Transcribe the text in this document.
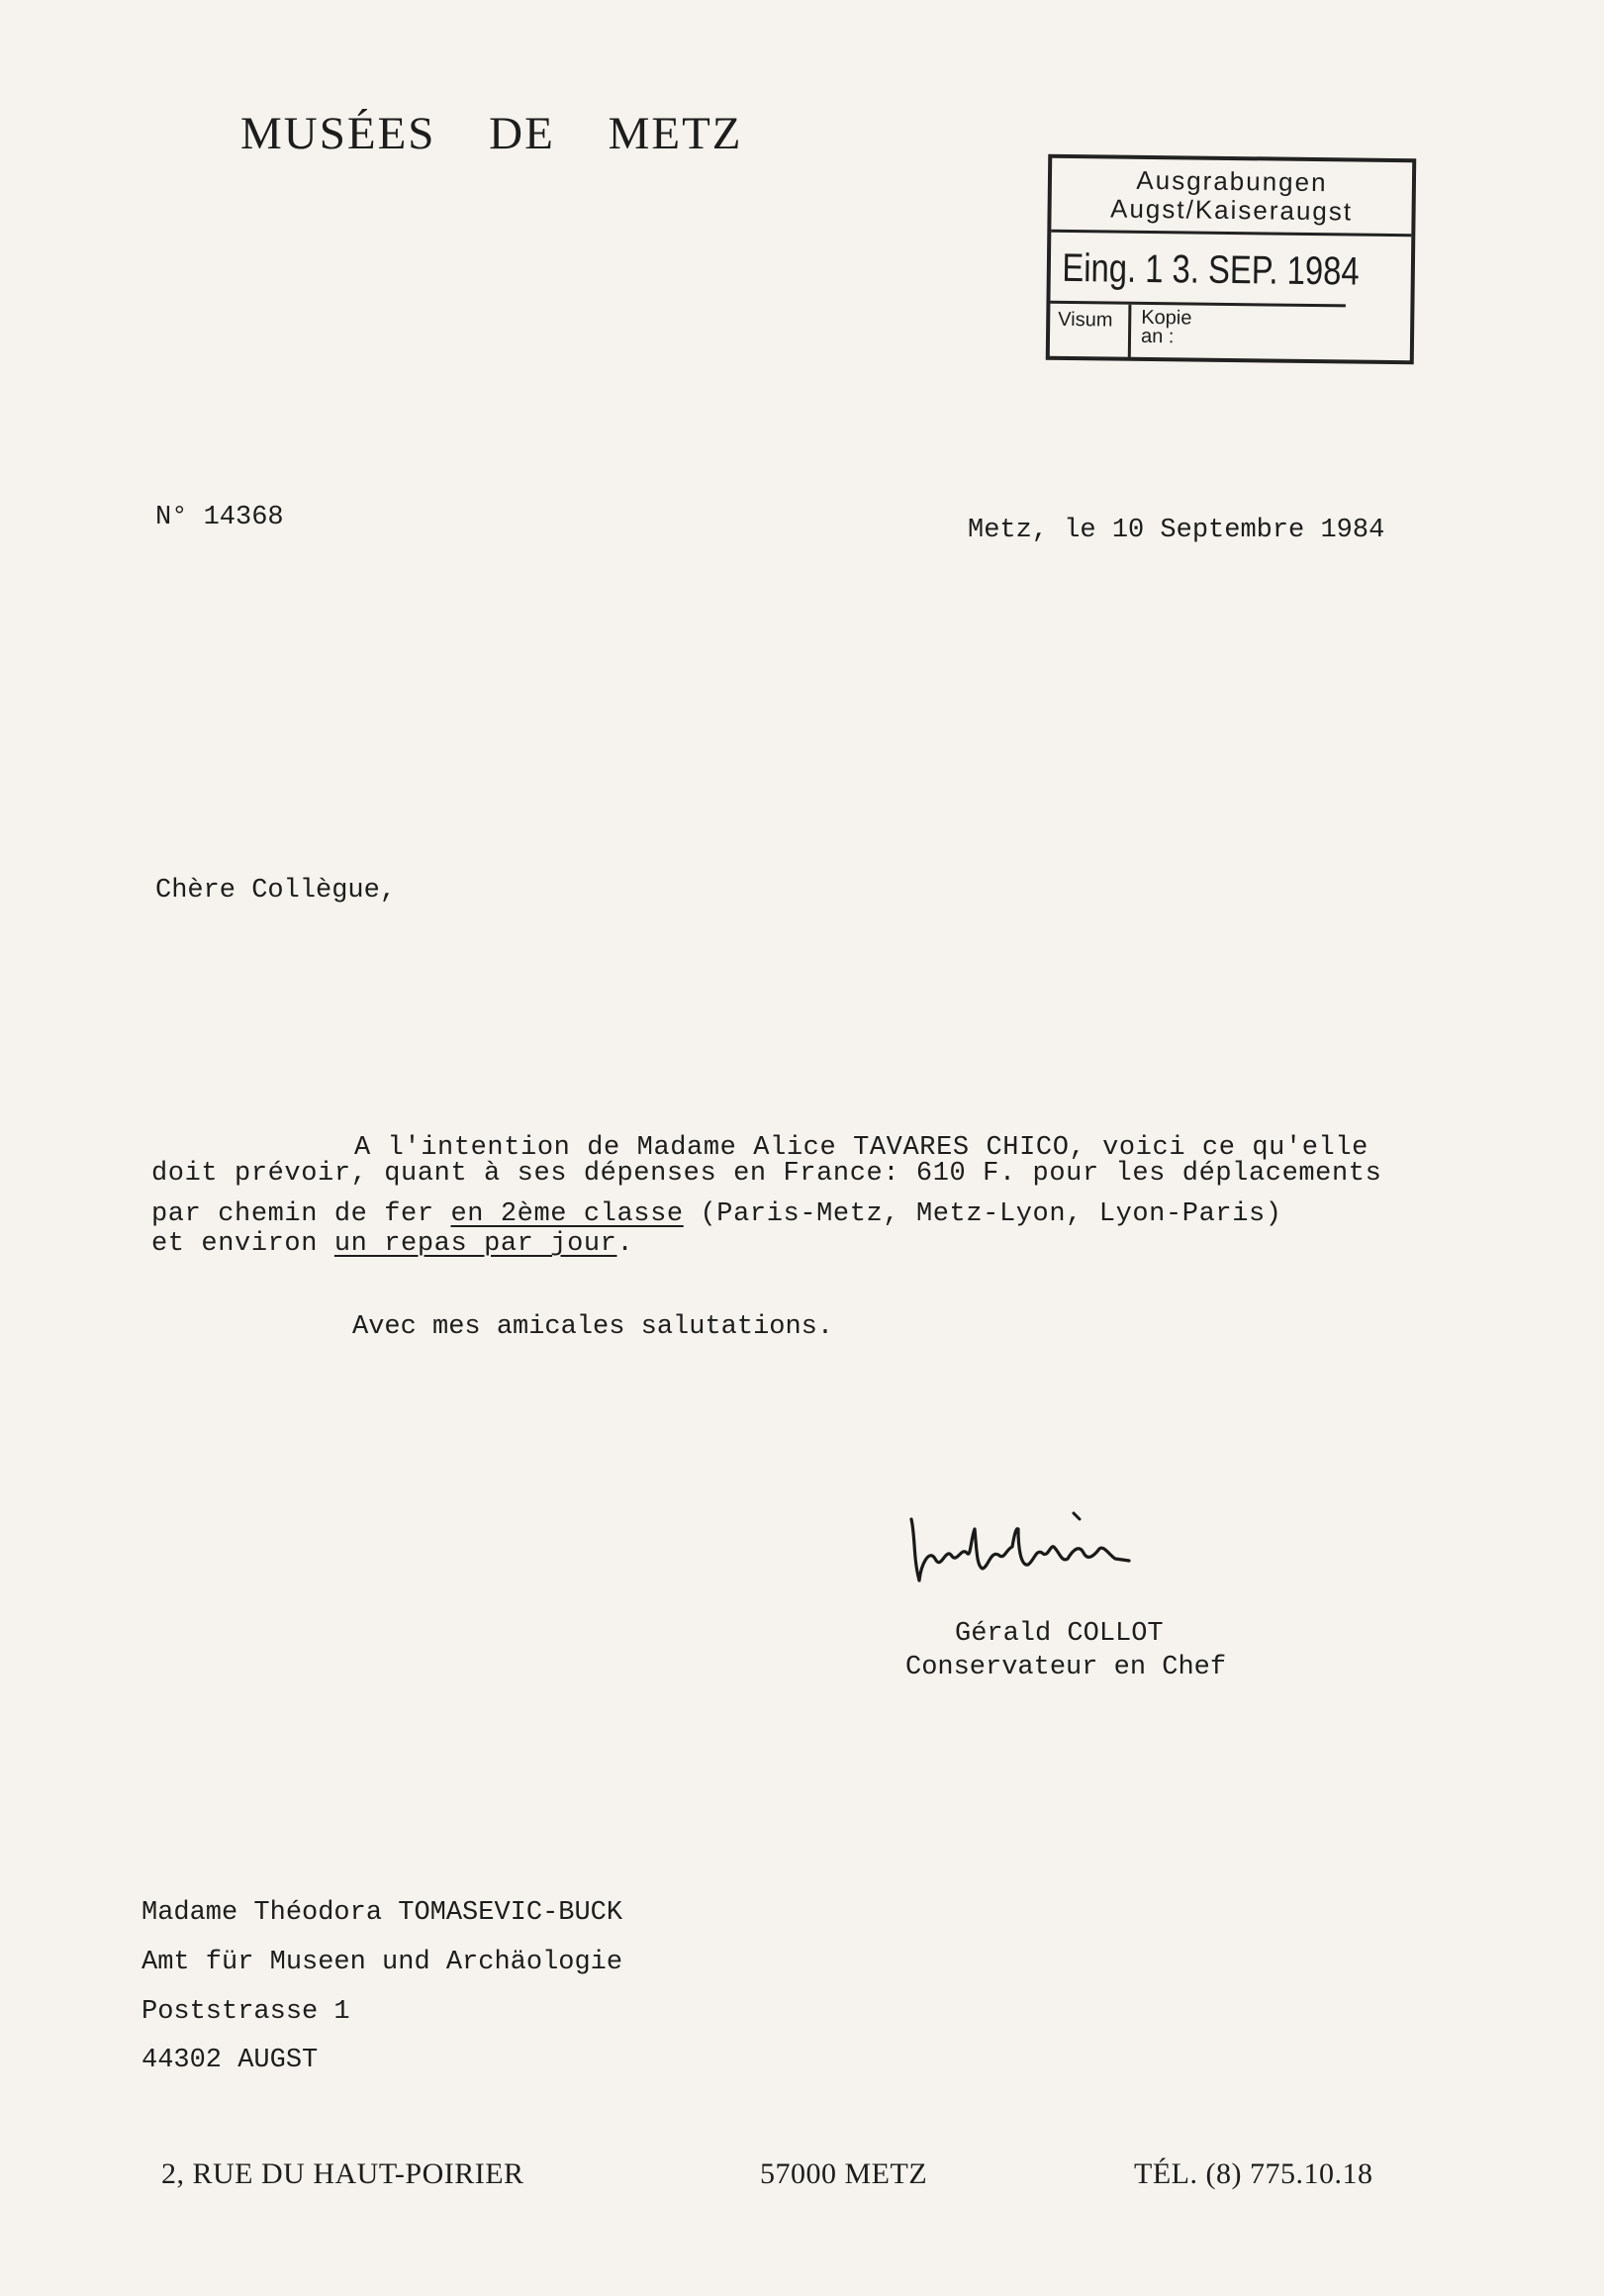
MUSÉES DE METZ
Ausgrabungen
Augst/Kaiseraugst
Eing. 1 3. SEP. 1984
Visum	Kopie
an :
N° 14368	Metz, le 10 Septembre 1984
Chère Collègue,
A l'intention de Madame Alice TAVARES CHICO, voici ce qu'elle
doit prévoir, quant à ses dépenses en France: 610 F. pour les déplacements
par chemin de fer en 2ème classe (Paris-Metz, Metz-Lyon, Lyon-Paris)
et environ un repas par jour.
Avec mes amicales salutations.
Gérald COLLOT
Conservateur en Chef
Madame Théodora TOMASEVIC-BUCK
Amt für Museen und Archäologie
Poststrasse 1
44302 AUGST
2, RUE DU HAUT-POIRIER	57000 METZ	TÉL. (8) 775.10.18
